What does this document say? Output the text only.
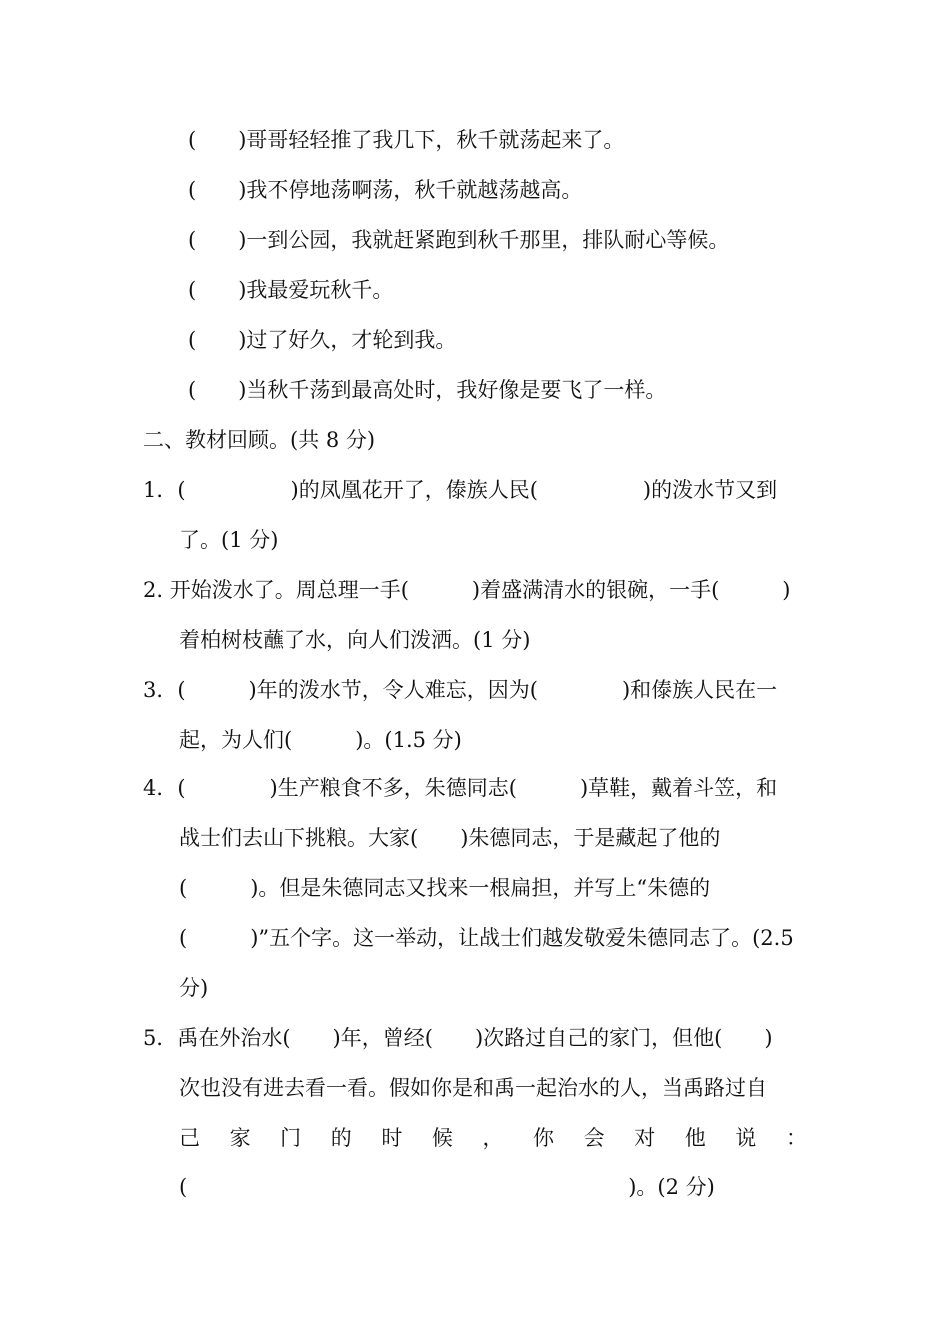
(　　)哥哥轻轻推了我几下，秋千就荡起来了。
(　　)我不停地荡啊荡，秋千就越荡越高。
(　　)一到公园，我就赶紧跑到秋千那里，排队耐心等候。
(　　)我最爱玩秋千。
(　　)过了好久，才轮到我。
(　　)当秋千荡到最高处时，我好像是要飞了一样。
二、教材回顾。(共 8 分)
1．(　　　　　)的凤凰花开了，傣族人民(　　　　　)的泼水节又到
了。(1 分)
2. 开始泼水了。周总理一手(　　　)着盛满清水的银碗，一手(　　　)
着柏树枝蘸了水，向人们泼洒。(1 分)
3．(　　　)年的泼水节，令人难忘，因为(　　　　)和傣族人民在一
起，为人们(　　　)。(1.5 分)
4．(　　　　)生产粮食不多，朱德同志(　　　)草鞋，戴着斗笠，和
战士们去山下挑粮。大家(　　)朱德同志，于是藏起了他的
(　　　)。但是朱德同志又找来一根扁担，并写上“朱德的
(　　　)”五个字。这一举动，让战士们越发敬爱朱德同志了。(2.5
分)
5．禹在外治水(　　)年，曾经(　　)次路过自己的家门，但他(　　)
次也没有进去看一看。假如你是和禹一起治水的人，当禹路过自
己 家 门 的 时 候 ， 你 会 对 他 说 ：
(　　　　　　　　　　　　　　　　　　　　　)。(2 分)
